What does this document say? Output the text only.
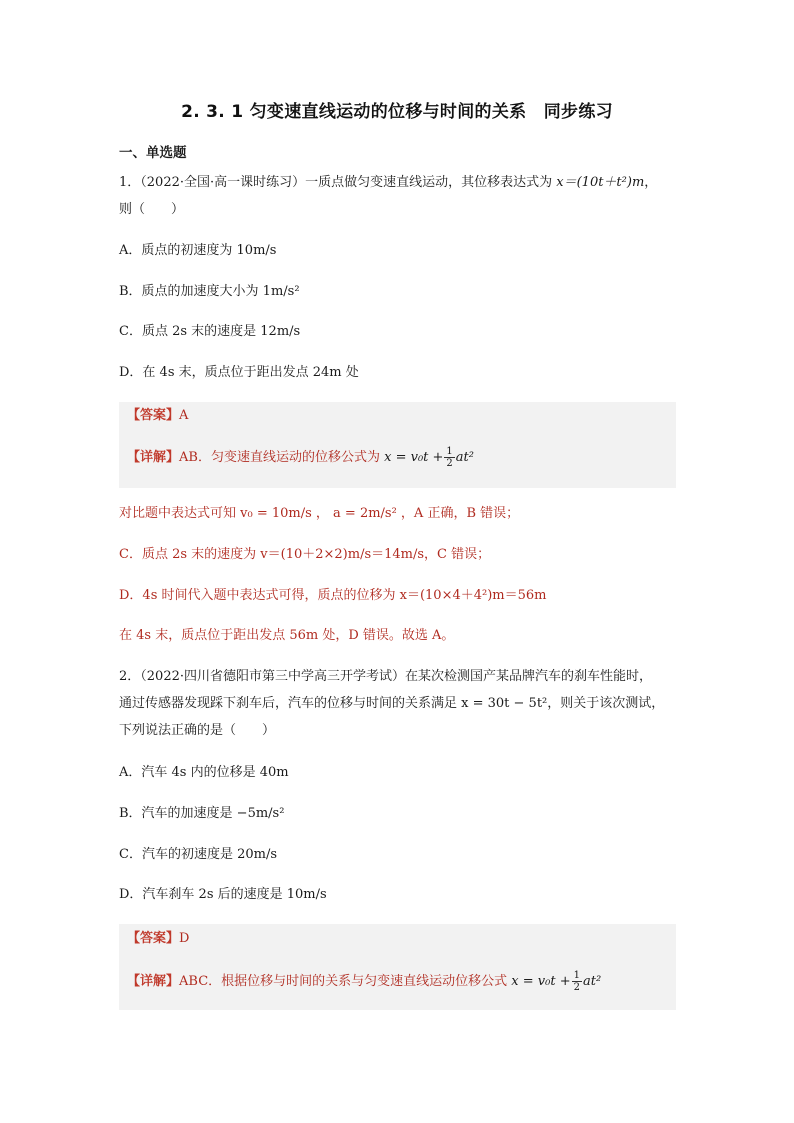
2. 3. 1 匀变速直线运动的位移与时间的关系　同步练习
一、单选题
1．（2022·全国·高一课时练习）一质点做匀变速直线运动，其位移表达式为 x＝(10t＋t²)m，
则（　　）
A．质点的初速度为 10m/s
B．质点的加速度大小为 1m/s²
C．质点 2s 末的速度是 12m/s
D．在 4s 末，质点位于距出发点 24m 处
【答案】A
【详解】AB．匀变速直线运动的位移公式为 $x = v_0t + \frac{1}{2} at^2$
对比题中表达式可知 v₀ = 10m/s ， a = 2m/s² ，A 正确，B 错误；
C．质点 2s 末的速度为 v＝(10＋2×2)m/s＝14m/s，C 错误；
D．4s 时间代入题中表达式可得，质点的位移为 x＝(10×4＋4²)m＝56m
在 4s 末，质点位于距出发点 56m 处，D 错误。故选 A。
2．（2022·四川省德阳市第三中学高三开学考试）在某次检测国产某品牌汽车的刹车性能时，
通过传感器发现踩下刹车后，汽车的位移与时间的关系满足 x = 30t − 5t²，则关于该次测试，
下列说法正确的是（　　）
A．汽车 4s 内的位移是 40m
B．汽车的加速度是 −5m/s²
C．汽车的初速度是 20m/s
D．汽车刹车 2s 后的速度是 10m/s
【答案】D
【详解】ABC．根据位移与时间的关系与匀变速直线运动位移公式 $x = v_0t + \frac{1}{2} at^2$
